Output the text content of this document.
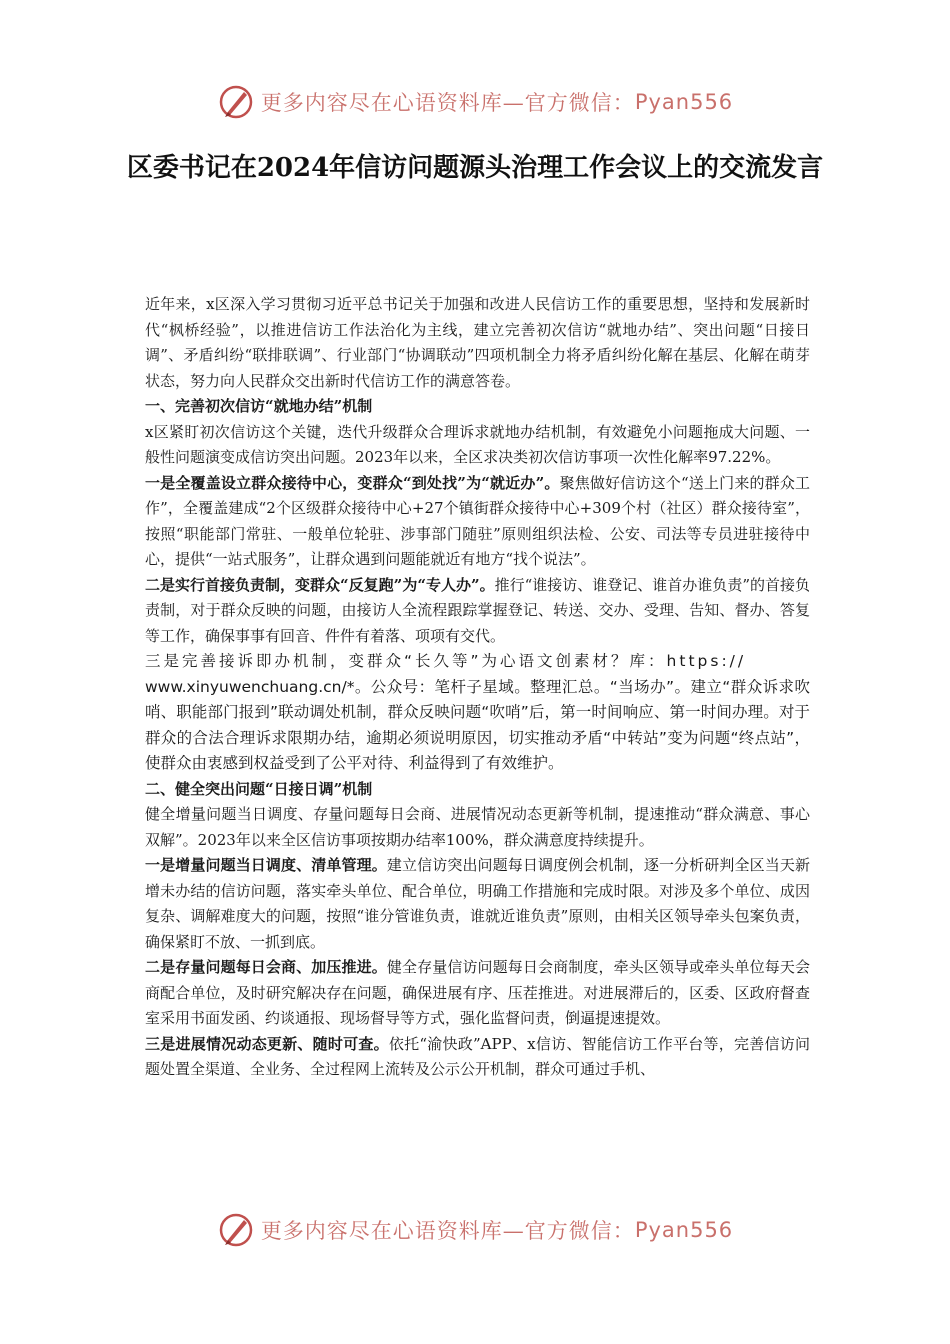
更多内容尽在心语资料库—官方微信： Pyan556
区委书记在2024年信访问题源头治理工作会议上的交流发言

近年来，x区深入学习贯彻习近平总书记关于加强和改进人民信访工作的重要思想，坚持和发展新时代“枫桥经验”，以推进信访工作法治化为主线，建立完善初次信访“就地办结”、突出问题“日接日调”、矛盾纠纷“联排联调”、行业部门“协调联动”四项机制全力将矛盾纠纷化解在基层、化解在萌芽状态，努力向人民群众交出新时代信访工作的满意答卷。

一、完善初次信访“就地办结”机制

x区紧盯初次信访这个关键，迭代升级群众合理诉求就地办结机制，有效避免小问题拖成大问题、一般性问题演变成信访突出问题。2023年以来，全区求决类初次信访事项一次性化解率97.22%。

一是全覆盖设立群众接待中心，变群众“到处找”为“就近办”。聚焦做好信访这个“送上门来的群众工作”，全覆盖建成“2个区级群众接待中心+27个镇街群众接待中心+309个村（社区）群众接待室”，按照“职能部门常驻、一般单位轮驻、涉事部门随驻”原则组织法检、公安、司法等专员进驻接待中心，提供“一站式服务”，让群众遇到问题能就近有地方“找个说法”。

二是实行首接负责制，变群众“反复跑”为“专人办”。推行“谁接访、谁登记、谁首办谁负责”的首接负责制，对于群众反映的问题，由接访人全流程跟踪掌握登记、转送、交办、受理、告知、督办、答复等工作，确保事事有回音、件件有着落、项项有交代。

三是完善接诉即办机制，变群众“长久等”为心语文创素材？库：https://
www.xinyuwenchuang.cn/*。公众号：笔杆子星域。整理汇总。“当场办”。建立“群众诉求吹哨、职能部门报到”联动调处机制，群众反映问题“吹哨”后，第一时间响应、第一时间办理。对于群众的合法合理诉求限期办结，逾期必须说明原因，切实推动矛盾“中转站”变为问题“终点站”，使群众由衷感到权益受到了公平对待、利益得到了有效维护。

二、健全突出问题“日接日调”机制

健全增量问题当日调度、存量问题每日会商、进展情况动态更新等机制，提速推动“群众满意、事心双解”。2023年以来全区信访事项按期办结率100%，群众满意度持续提升。

一是增量问题当日调度、清单管理。建立信访突出问题每日调度例会机制，逐一分析研判全区当天新增未办结的信访问题，落实牵头单位、配合单位，明确工作措施和完成时限。对涉及多个单位、成因复杂、调解难度大的问题，按照“谁分管谁负责，谁就近谁负责”原则，由相关区领导牵头包案负责，确保紧盯不放、一抓到底。

二是存量问题每日会商、加压推进。健全存量信访问题每日会商制度，牵头区领导或牵头单位每天会商配合单位，及时研究解决存在问题，确保进展有序、压茬推进。对进展滞后的，区委、区政府督查室采用书面发函、约谈通报、现场督导等方式，强化监督问责，倒逼提速提效。

三是进展情况动态更新、随时可查。依托“渝快政”APP、x信访、智能信访工作平台等，完善信访问题处置全渠道、全业务、全过程网上流转及公示公开机制，群众可通过手机、

更多内容尽在心语资料库—官方微信： Pyan556
